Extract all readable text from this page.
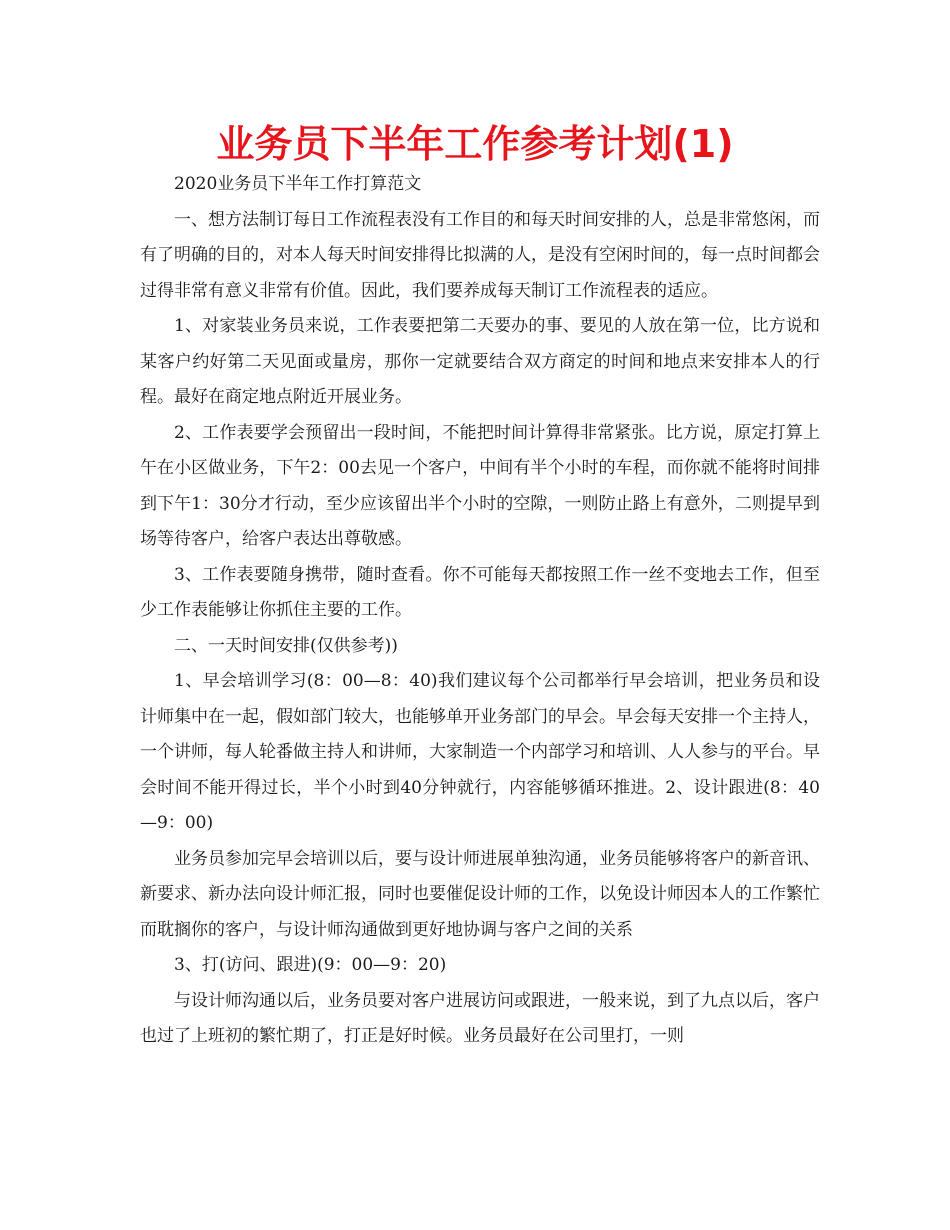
业务员下半年工作参考计划(1)

2020业务员下半年工作打算范文

一、想方法制订每日工作流程表没有工作目的和每天时间安排的人，总是非常悠闲，而有了明确的目的，对本人每天时间安排得比拟满的人，是没有空闲时间的，每一点时间都会过得非常有意义非常有价值。因此，我们要养成每天制订工作流程表的适应。

1、对家装业务员来说，工作表要把第二天要办的事、要见的人放在第一位，比方说和某客户约好第二天见面或量房，那你一定就要结合双方商定的时间和地点来安排本人的行程。最好在商定地点附近开展业务。

2、工作表要学会预留出一段时间，不能把时间计算得非常紧张。比方说，原定打算上午在小区做业务，下午2：00去见一个客户，中间有半个小时的车程，而你就不能将时间排到下午1：30分才行动，至少应该留出半个小时的空隙，一则防止路上有意外，二则提早到场等待客户，给客户表达出尊敬感。

3、工作表要随身携带，随时查看。你不可能每天都按照工作一丝不变地去工作，但至少工作表能够让你抓住主要的工作。

二、一天时间安排(仅供参考))

1、早会培训学习(8：00—8：40)我们建议每个公司都举行早会培训，把业务员和设计师集中在一起，假如部门较大，也能够单开业务部门的早会。早会每天安排一个主持人，一个讲师，每人轮番做主持人和讲师，大家制造一个内部学习和培训、人人参与的平台。早会时间不能开得过长，半个小时到40分钟就行，内容能够循环推进。2、设计跟进(8：40—9：00)

业务员参加完早会培训以后，要与设计师进展单独沟通，业务员能够将客户的新音讯、新要求、新办法向设计师汇报，同时也要催促设计师的工作，以免设计师因本人的工作繁忙而耽搁你的客户，与设计师沟通做到更好地协调与客户之间的关系

3、打(访问、跟进)(9：00—9：20)

与设计师沟通以后，业务员要对客户进展访问或跟进，一般来说，到了九点以后，客户也过了上班初的繁忙期了，打正是好时候。业务员最好在公司里打，一则
